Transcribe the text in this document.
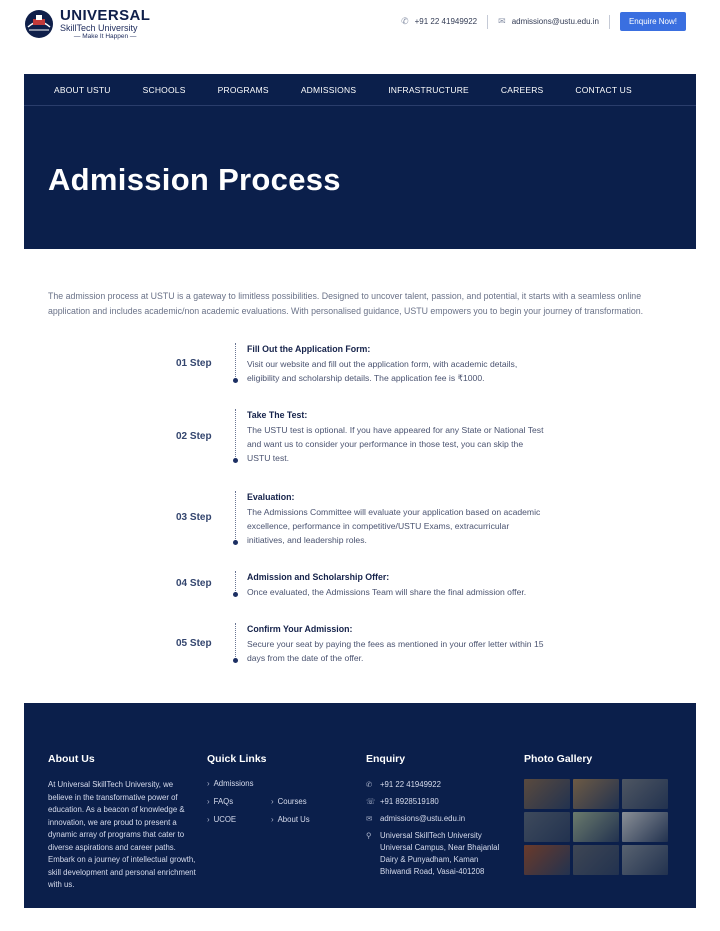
UNIVERSAL
SkillTech University
— Make It Happen —
✆ +91 22 41949922 ✉ admissions@ustu.edu.in	Enquire Now!
ABOUT USTU	SCHOOLS	PROGRAMS	ADMISSIONS	INFRASTRUCTURE	CAREERS	CONTACT US
Admission Process

The admission process at USTU is a gateway to limitless possibilities. Designed to uncover talent, passion, and potential, it starts with a seamless online application and includes academic/non academic evaluations. With personalised guidance, USTU empowers you to begin your journey of transformation.

01 Step
Fill Out the Application Form:
Visit our website and fill out the application form, with academic details, eligibility and scholarship details. The application fee is ₹1000.
02 Step
Take The Test:
The USTU test is optional. If you have appeared for any State or National Test and want us to consider your performance in those test, you can skip the USTU test.
03 Step
Evaluation:
The Admissions Committee will evaluate your application based on academic excellence, performance in competitive/USTU Exams, extracurricular initiatives, and leadership roles.
04 Step
Admission and Scholarship Offer:
Once evaluated, the Admissions Team will share the final admission offer.
05 Step
Confirm Your Admission:
Secure your seat by paying the fees as mentioned in your offer letter within 15 days from the date of the offer.
About Us
At Universal SkillTech University, we believe in the transformative power of education. As a beacon of knowledge & innovation, we are proud to present a dynamic array of programs that cater to diverse aspirations and career paths. Embark on a journey of intellectual growth, skill development and personal enrichment with us.
Quick Links
› Admissions
› FAQs	› Courses
› UCOE	› About Us
Enquiry
✆ +91 22 41949922
☏ +91 8928519180
✉ admissions@ustu.edu.in
⚲	Universal SkillTech University Universal Campus, Near Bhajanlal Dairy & Punyadham, Kaman Bhiwandi Road, Vasai-401208
Photo Gallery
